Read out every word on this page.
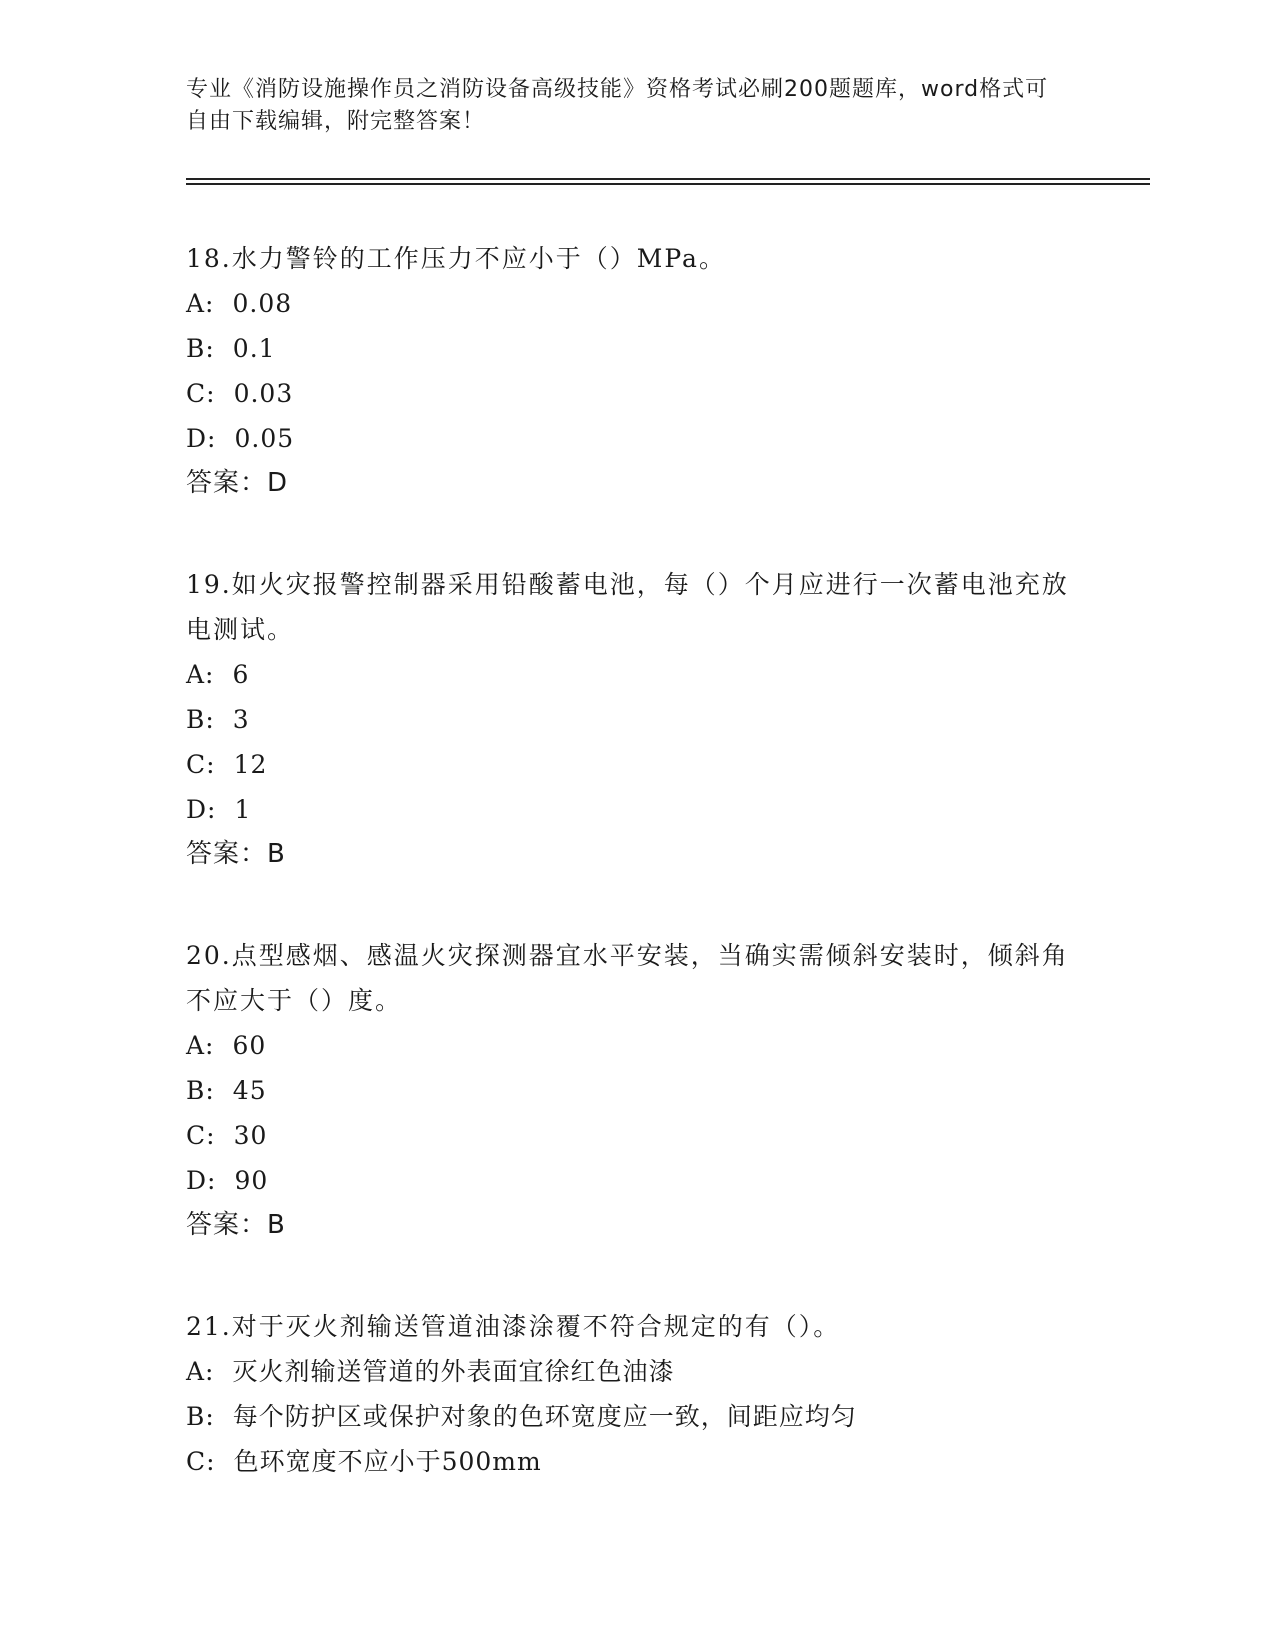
专业《消防设施操作员之消防设备高级技能》资格考试必刷200题题库，word格式可自由下载编辑，附完整答案！

18.水力警铃的工作压力不应小于（）MPa。

A: 0.08

B: 0.1

C: 0.03

D: 0.05

答案：D

19.如火灾报警控制器采用铅酸蓄电池，每（）个月应进行一次蓄电池充放电测试。

A: 6

B: 3

C: 12

D: 1

答案：B

20.点型感烟、感温火灾探测器宜水平安装，当确实需倾斜安装时，倾斜角不应大于（）度。

A: 60

B: 45

C: 30

D: 90

答案：B

21.对于灭火剂输送管道油漆涂覆不符合规定的有（）。

A: 灭火剂输送管道的外表面宜徐红色油漆

B: 每个防护区或保护对象的色环宽度应一致，间距应均匀

C: 色环宽度不应小于500mm
